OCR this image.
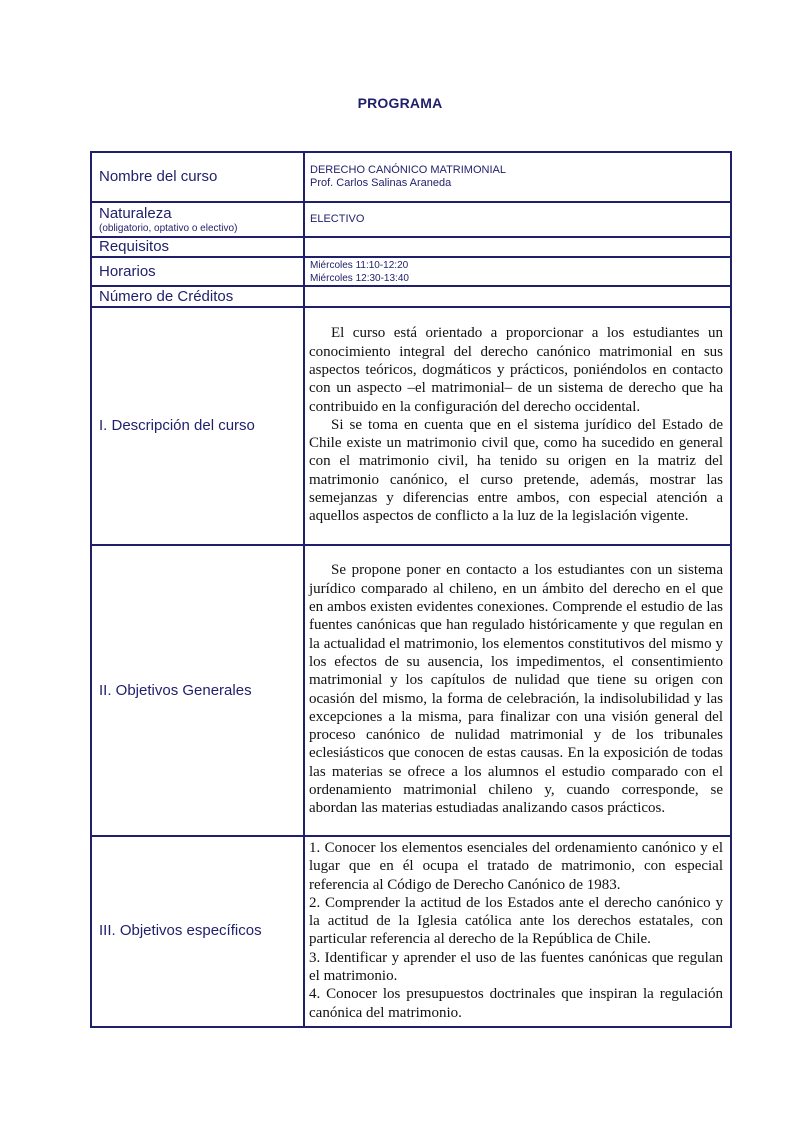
PROGRAMA
Nombre del curso	DERECHO CANÓNICO MATRIMONIAL
Prof. Carlos Salinas Araneda

Naturaleza
(obligatorio, optativo o electivo)	ELECTIVO
Requisitos	
Horarios	Miércoles 11:10-12:20
Miércoles 12:30-13:40

Número de Créditos	
I. Descripción del curso	El curso está orientado a proporcionar a los estudiantes un conocimiento integral del derecho canónico matrimonial en sus aspectos teóricos, dogmáticos y prácticos, poniéndolos en contacto con un aspecto –el matrimonial– de un sistema de derecho que ha contribuido en la configuración del derecho occidental.

Si se toma en cuenta que en el sistema jurídico del Estado de Chile existe un matrimonio civil que, como ha sucedido en general con el matrimonio civil, ha tenido su origen en la matriz del matrimonio canónico, el curso pretende, además, mostrar las semejanzas y diferencias entre ambos, con especial atención a aquellos aspectos de conflicto a la luz de la legislación vigente.

II. Objetivos Generales	Se propone poner en contacto a los estudiantes con un sistema jurídico comparado al chileno, en un ámbito del derecho en el que en ambos existen evidentes conexiones. Comprende el estudio de las fuentes canónicas que han regulado históricamente y que regulan en la actualidad el matrimonio, los elementos constitutivos del mismo y los efectos de su ausencia, los impedimentos, el consentimiento matrimonial y los capítulos de nulidad que tiene su origen con ocasión del mismo, la forma de celebración, la indisolubilidad y las excepciones a la misma, para finalizar con una visión general del proceso canónico de nulidad matrimonial y de los tribunales eclesiásticos que conocen de estas causas. En la exposición de todas las materias se ofrece a los alumnos el estudio comparado con el ordenamiento matrimonial chileno y, cuando corresponde, se abordan las materias estudiadas analizando casos prácticos.

III. Objetivos específicos	1. Conocer los elementos esenciales del ordenamiento canónico y el lugar que en él ocupa el tratado de matrimonio, con especial referencia al Código de Derecho Canónico de 1983.

2. Comprender la actitud de los Estados ante el derecho canónico y la actitud de la Iglesia católica ante los derechos estatales, con particular referencia al derecho de la República de Chile.

3. Identificar y aprender el uso de las fuentes canónicas que regulan el matrimonio.

4. Conocer los presupuestos doctrinales que inspiran la regulación canónica del matrimonio.
